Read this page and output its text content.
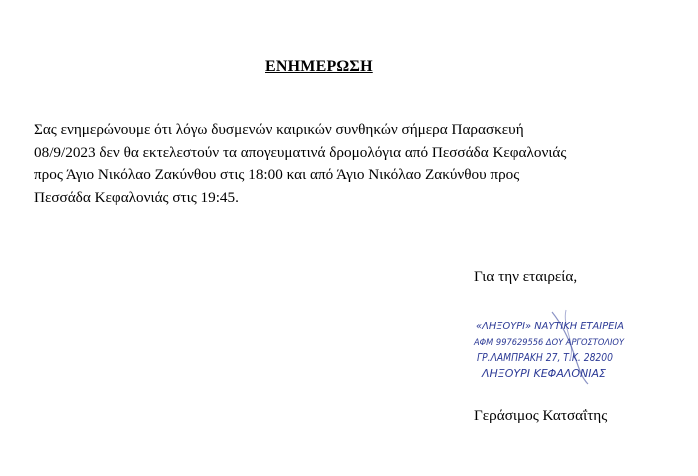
ΕΝΗΜΕΡΩΣΗ
Σας ενημερώνουμε ότι λόγω δυσμενών καιρικών συνθηκών σήμερα Παρασκευή
08/9/2023 δεν θα εκτελεστούν τα απογευματινά δρομολόγια από Πεσσάδα Κεφαλονιάς
προς Άγιο Νικόλαο Ζακύνθου στις 18:00 και από Άγιο Νικόλαο Ζακύνθου προς
Πεσσάδα Κεφαλονιάς στις 19:45.
Για την εταιρεία,
«ΛΗΞΟΥΡΙ» ΝΑΥΤΙΚΗ ΕΤΑΙΡΕΙΑ
ΑΦΜ 997629556 ΔΟΥ ΑΡΓΟΣΤΟΛΙΟΥ
ΓΡ.ΛΑΜΠΡΑΚΗ 27, Τ.Κ. 28200
ΛΗΞΟΥΡΙ ΚΕΦΑΛΟΝΙΑΣ
Γεράσιμος Κατσαΐτης
